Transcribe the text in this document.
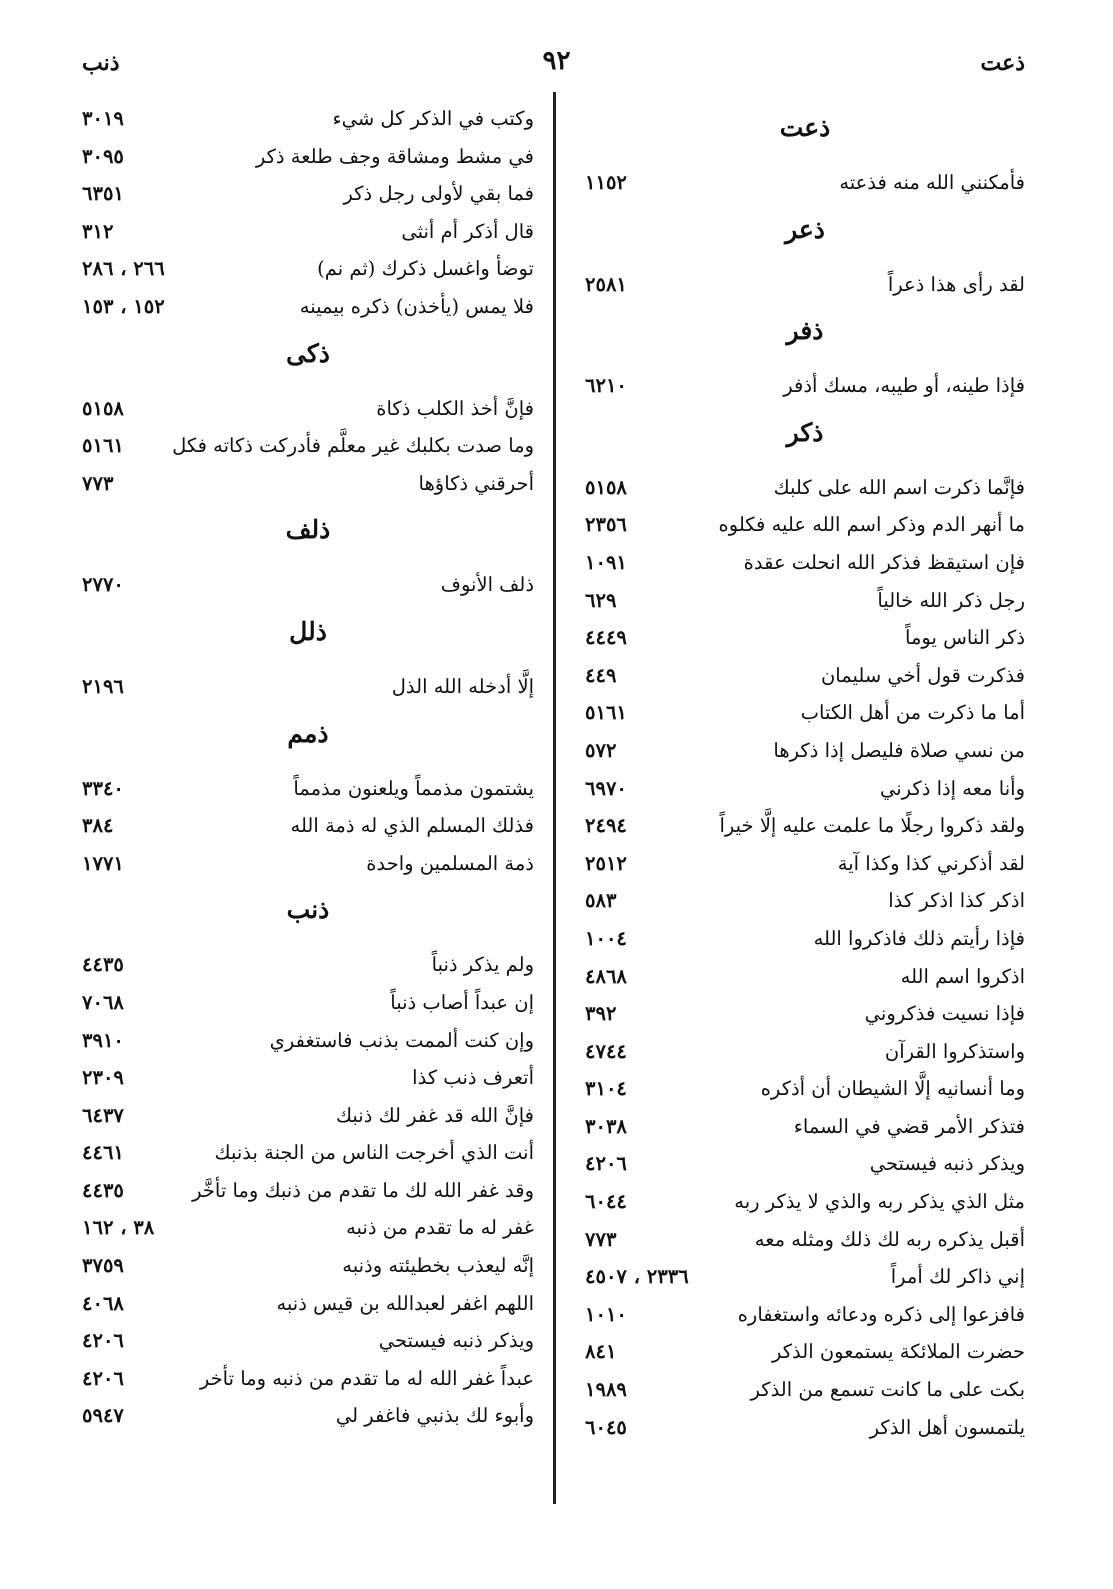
ذعت
٩٢
ذنب
ذعت
فأمكنني الله منه فذعته
١١٥٢
ذعر
لقد رأى هذا ذعراً
٢٥٨١
ذفر
فإذا طينه، أو طيبه، مسك أذفر
٦٢١٠
ذكر
فإنَّما ذكرت اسم الله على كلبك
٥١٥٨
ما أنهر الدم وذكر اسم الله عليه فكلوه
٢٣٥٦
فإن استيقظ فذكر الله انحلت عقدة
١٠٩١
رجل ذكر الله خالياً
٦٢٩
ذكر الناس يوماً
٤٤٤٩
فذكرت قول أخي سليمان
٤٤٩
أما ما ذكرت من أهل الكتاب
٥١٦١
من نسي صلاة فليصل إذا ذكرها
٥٧٢
وأنا معه إذا ذكرني
٦٩٧٠
ولقد ذكروا رجلًا ما علمت عليه إلَّا خيراً
٢٤٩٤
لقد أذكرني كذا وكذا آية
٢٥١٢
اذكر كذا اذكر كذا
٥٨٣
فإذا رأيتم ذلك فاذكروا الله
١٠٠٤
اذكروا اسم الله
٤٨٦٨
فإذا نسيت فذكروني
٣٩٢
واستذكروا القرآن
٤٧٤٤
وما أنسانيه إلَّا الشيطان أن أذكره
٣١٠٤
فتذكر الأمر قضي في السماء
٣٠٣٨
ويذكر ذنبه فيستحي
٤٢٠٦
مثل الذي يذكر ربه والذي لا يذكر ربه
٦٠٤٤
أقبل يذكره ربه لك ذلك ومثله معه
٧٧٣
إني ذاكر لك أمراً
٢٣٣٦ ، ٤٥٠٧
فافزعوا إلى ذكره ودعائه واستغفاره
١٠١٠
حضرت الملائكة يستمعون الذكر
٨٤١
بكت على ما كانت تسمع من الذكر
١٩٨٩
يلتمسون أهل الذكر
٦٠٤٥
وكتب في الذكر كل شيء
٣٠١٩
في مشط ومشاقة وجف طلعة ذكر
٣٠٩٥
فما بقي لأولى رجل ذكر
٦٣٥١
قال أذكر أم أنثى
٣١٢
توضأ واغسل ذكرك (ثم نم)
٢٦٦ ، ٢٨٦
فلا يمس (يأخذن) ذكره بيمينه
١٥٢ ، ١٥٣
ذكى
فإنَّ أخذ الكلب ذكاة
٥١٥٨
وما صدت بكلبك غير معلَّم فأدركت ذكاته فكل
٥١٦١
أحرقني ذكاؤها
٧٧٣
ذلف
ذلف الأنوف
٢٧٧٠
ذلل
إلَّا أدخله الله الذل
٢١٩٦
ذمم
يشتمون مذمماً ويلعنون مذمماً
٣٣٤٠
فذلك المسلم الذي له ذمة الله
٣٨٤
ذمة المسلمين واحدة
١٧٧١
ذنب
ولم يذكر ذنباً
٤٤٣٥
إن عبداً أصاب ذنباً
٧٠٦٨
وإن كنت ألممت بذنب فاستغفري
٣٩١٠
أتعرف ذنب كذا
٢٣٠٩
فإنَّ الله قد غفر لك ذنبك
٦٤٣٧
أنت الذي أخرجت الناس من الجنة بذنبك
٤٤٦١
وقد غفر الله لك ما تقدم من ذنبك وما تأخَّر
٤٤٣٥
غفر له ما تقدم من ذنبه
٣٨ ، ١٦٢
إنَّه ليعذب بخطيئته وذنبه
٣٧٥٩
اللهم اغفر لعبدالله بن قيس ذنبه
٤٠٦٨
ويذكر ذنبه فيستحي
٤٢٠٦
عبداً غفر الله له ما تقدم من ذنبه وما تأخر
٤٢٠٦
وأبوء لك بذنبي فاغفر لي
٥٩٤٧
